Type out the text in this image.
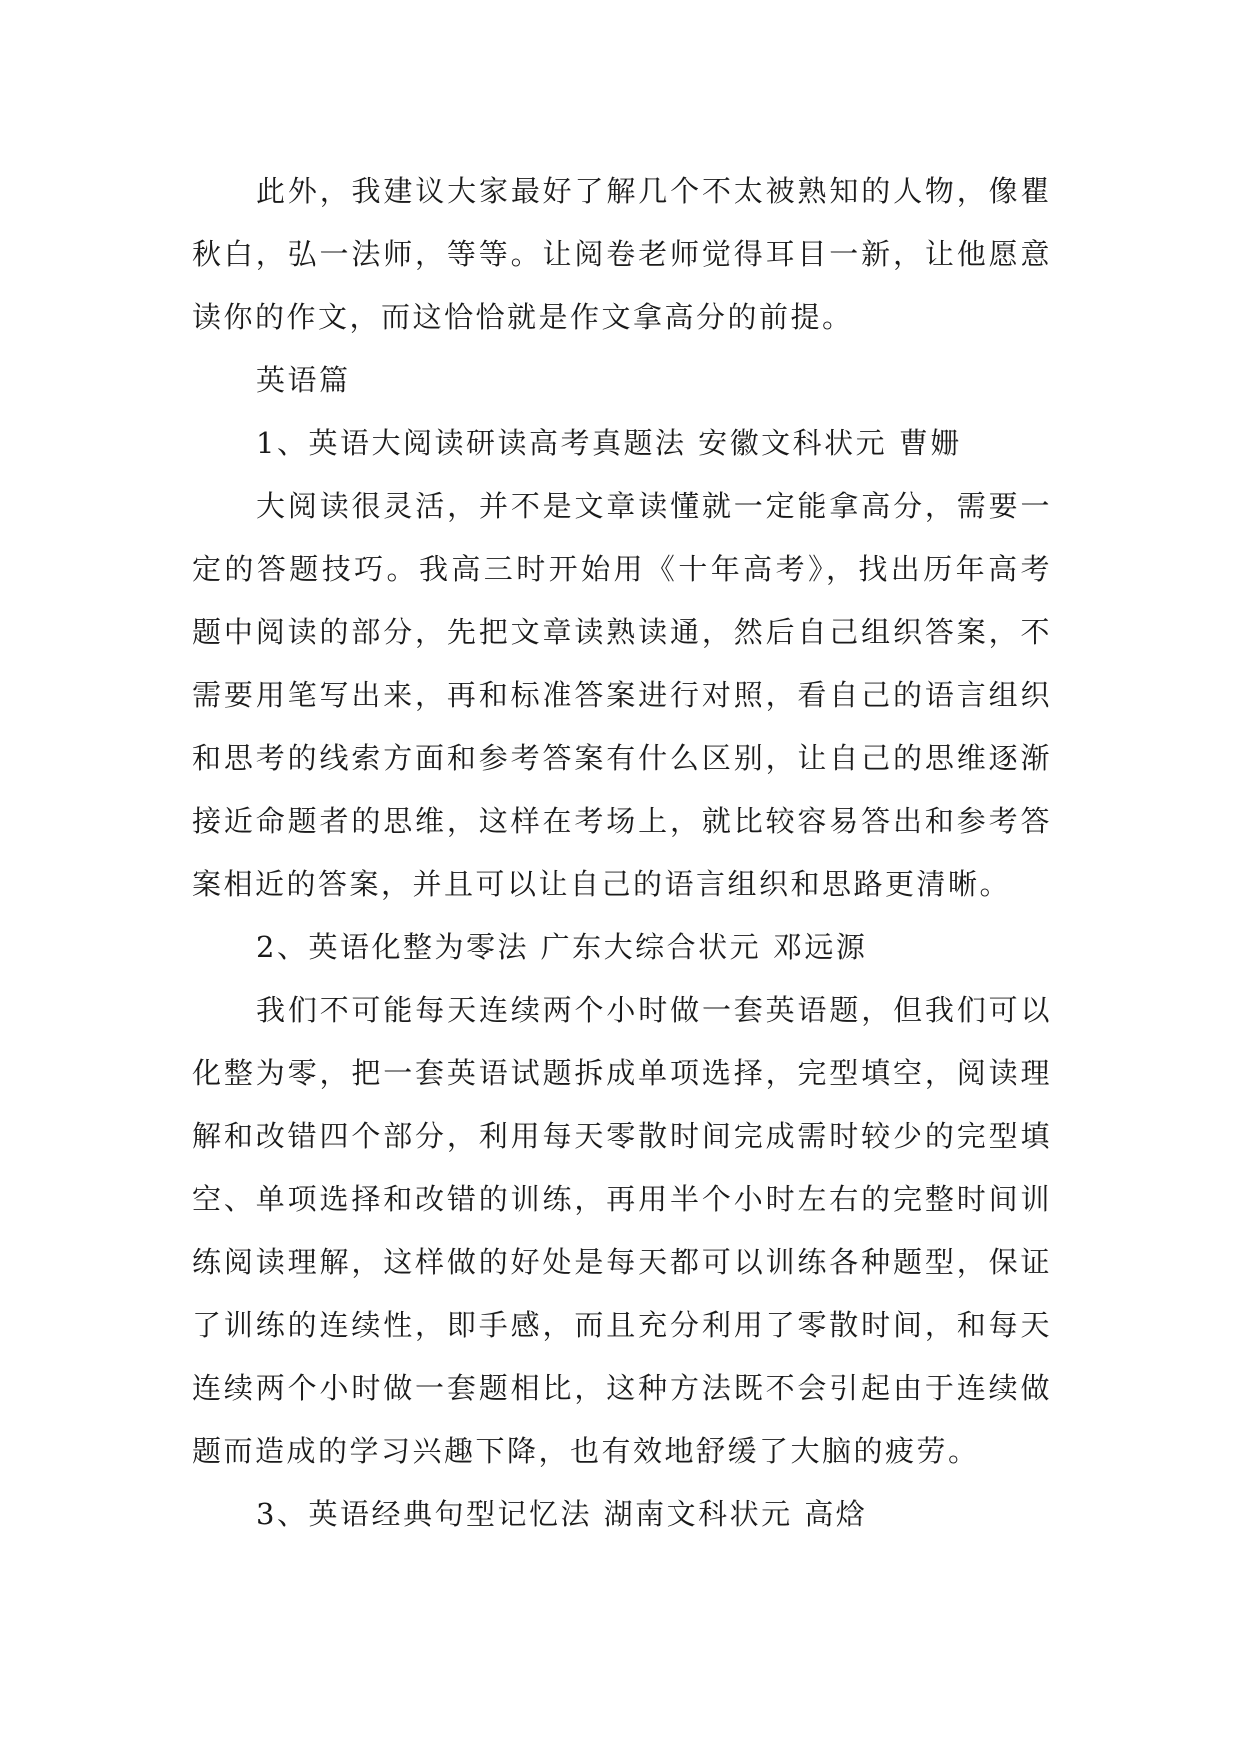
此外，我建议大家最好了解几个不太被熟知的人物，像瞿秋白，弘一法师，等等。让阅卷老师觉得耳目一新，让他愿意读你的作文，而这恰恰就是作文拿高分的前提。

英语篇

1、英语大阅读研读高考真题法 安徽文科状元 曹姗

大阅读很灵活，并不是文章读懂就一定能拿高分，需要一定的答题技巧。我高三时开始用《十年高考》，找出历年高考题中阅读的部分，先把文章读熟读通，然后自己组织答案，不需要用笔写出来，再和标准答案进行对照，看自己的语言组织和思考的线索方面和参考答案有什么区别，让自己的思维逐渐接近命题者的思维，这样在考场上，就比较容易答出和参考答案相近的答案，并且可以让自己的语言组织和思路更清晰。

2、英语化整为零法 广东大综合状元 邓远源

我们不可能每天连续两个小时做一套英语题，但我们可以化整为零，把一套英语试题拆成单项选择，完型填空，阅读理解和改错四个部分，利用每天零散时间完成需时较少的完型填空、单项选择和改错的训练，再用半个小时左右的完整时间训练阅读理解，这样做的好处是每天都可以训练各种题型，保证了训练的连续性，即手感，而且充分利用了零散时间，和每天连续两个小时做一套题相比，这种方法既不会引起由于连续做题而造成的学习兴趣下降，也有效地舒缓了大脑的疲劳。

3、英语经典句型记忆法 湖南文科状元 高焓
